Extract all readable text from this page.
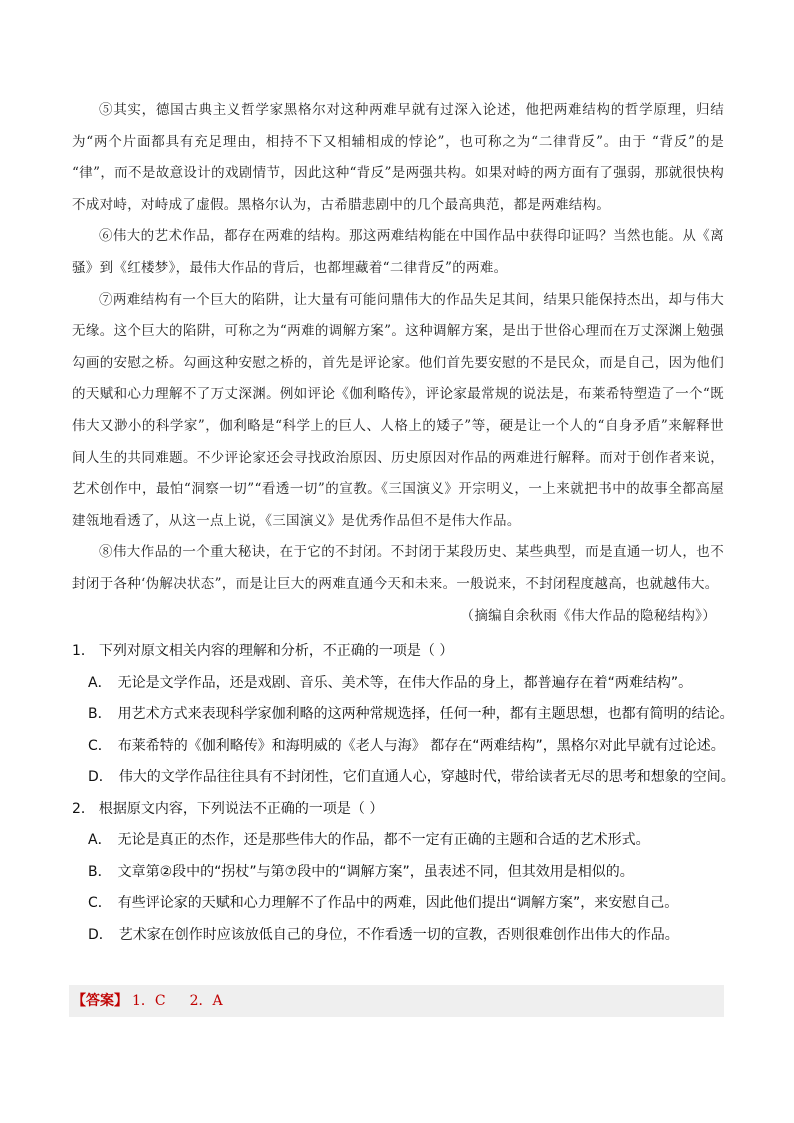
⑤其实，德国古典主义哲学家黑格尔对这种两难早就有过深入论述，他把两难结构的哲学原理，归结为“两个片面都具有充足理由，相持不下又相辅相成的悖论”，也可称之为“二律背反”。由于 “背反”的是 “律”，而不是故意设计的戏剧情节，因此这种“背反”是两强共构。如果对峙的两方面有了强弱，那就很快构不成对峙，对峙成了虚假。黑格尔认为，古希腊悲剧中的几个最高典范，都是两难结构。

⑥伟大的艺术作品，都存在两难的结构。那这两难结构能在中国作品中获得印证吗？当然也能。从《离骚》到《红楼梦》，最伟大作品的背后，也都埋藏着“二律背反”的两难。

⑦两难结构有一个巨大的陷阱，让大量有可能问鼎伟大的作品失足其间，结果只能保持杰出，却与伟大无缘。这个巨大的陷阱，可称之为“两难的调解方案”。这种调解方案，是出于世俗心理而在万丈深渊上勉强勾画的安慰之桥。勾画这种安慰之桥的，首先是评论家。他们首先要安慰的不是民众，而是自己，因为他们的天赋和心力理解不了万丈深渊。例如评论《伽利略传》，评论家最常规的说法是，布莱希特塑造了一个“既伟大又渺小的科学家”，伽利略是“科学上的巨人、人格上的矮子”等，硬是让一个人的“自身矛盾”来解释世间人生的共同难题。不少评论家还会寻找政治原因、历史原因对作品的两难进行解释。而对于创作者来说，艺术创作中，最怕“洞察一切”“看透一切”的宣教。《三国演义》开宗明义，一上来就把书中的故事全都高屋建瓴地看透了，从这一点上说，《三国演义》是优秀作品但不是伟大作品。

⑧伟大作品的一个重大秘诀，在于它的不封闭。不封闭于某段历史、某些典型，而是直通一切人，也不封闭于各种‘伪解决状态”，而是让巨大的两难直通今天和未来。一般说来，不封闭程度越高，也就越伟大。

（摘编自余秋雨《伟大作品的隐秘结构》）

1． 下列对原文相关内容的理解和分析，不正确的一项是（ ）

A． 无论是文学作品，还是戏剧、音乐、美术等，在伟大作品的身上，都普遍存在着“两难结构”。

B． 用艺术方式来表现科学家伽利略的这两种常规选择，任何一种，都有主题思想，也都有简明的结论。

C． 布莱希特的《伽利略传》和海明威的《老人与海》 都存在“两难结构”，黑格尔对此早就有过论述。

D． 伟大的文学作品往往具有不封闭性，它们直通人心，穿越时代，带给读者无尽的思考和想象的空间。

2． 根据原文内容，下列说法不正确的一项是（ ）

A． 无论是真正的杰作，还是那些伟大的作品，都不一定有正确的主题和合适的艺术形式。

B． 文章第②段中的“拐杖”与第⑦段中的“调解方案”，虽表述不同，但其效用是相似的。

C． 有些评论家的天赋和心力理解不了作品中的两难，因此他们提出“调解方案”，来安慰自己。

D． 艺术家在创作时应该放低自己的身位，不作看透一切的宣教，否则很难创作出伟大的作品。

【答案】 1．C 2．A
